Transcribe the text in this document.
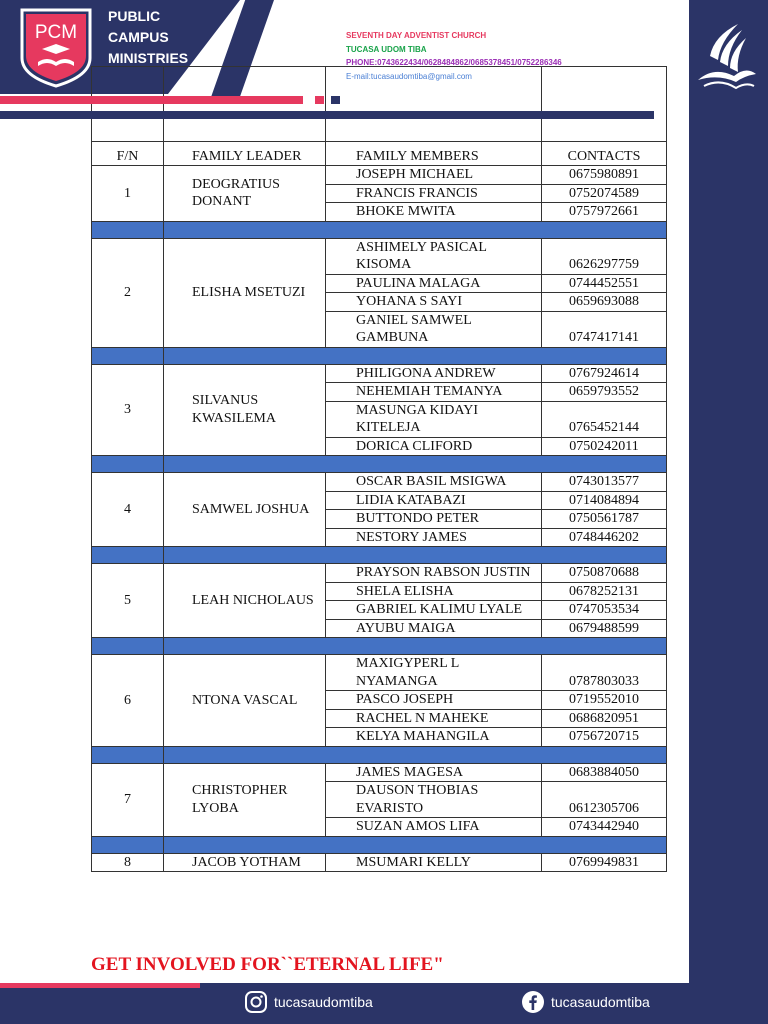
PCM
PUBLIC
CAMPUS
MINISTRIES
SEVENTH DAY ADVENTIST CHURCH
TUCASA UDOM TIBA
PHONE:0743622434/0628484862/0685378451/0752286346
E-mail:tucasaudomtiba@gmail.com

F/N	FAMILY LEADER	FAMILY MEMBERS	CONTACTS
1	DEOGRATIUS DONANT	JOSEPH MICHAEL	0675980891
		FRANCIS FRANCIS	0752074589
		BHOKE MWITA	0757972661

2	ELISHA MSETUZI	ASHIMELY PASICAL KISOMA	0626297759
		PAULINA MALAGA	0744452551
		YOHANA S SAYI	0659693088
		GANIEL SAMWEL GAMBUNA	0747417141

3	SILVANUS KWASILEMA	PHILIGONA ANDREW	0767924614
		NEHEMIAH TEMANYA	0659793552
		MASUNGA KIDAYI KITELEJA	0765452144
		DORICA CLIFORD	0750242011

4	SAMWEL JOSHUA	OSCAR BASIL MSIGWA	0743013577
		LIDIA KATABAZI	0714084894
		BUTTONDO PETER	0750561787
		NESTORY JAMES	0748446202

5	LEAH NICHOLAUS	PRAYSON RABSON JUSTIN	0750870688
		SHELA ELISHA	0678252131
		GABRIEL KALIMU LYALE	0747053534
		AYUBU MAIGA	0679488599

6	NTONA VASCAL	MAXIGYPERL L NYAMANGA	0787803033
		PASCO JOSEPH	0719552010
		RACHEL N MAHEKE	0686820951
		KELYA MAHANGILA	0756720715

7	CHRISTOPHER LYOBA	JAMES MAGESA	0683884050
		DAUSON THOBIAS EVARISTO	0612305706
		SUZAN AMOS LIFA	0743442940

8	JACOB YOTHAM	MSUMARI KELLY	0769949831
GET INVOLVED FOR``ETERNAL LIFE"
tucasaudomtiba	tucasaudomtiba
